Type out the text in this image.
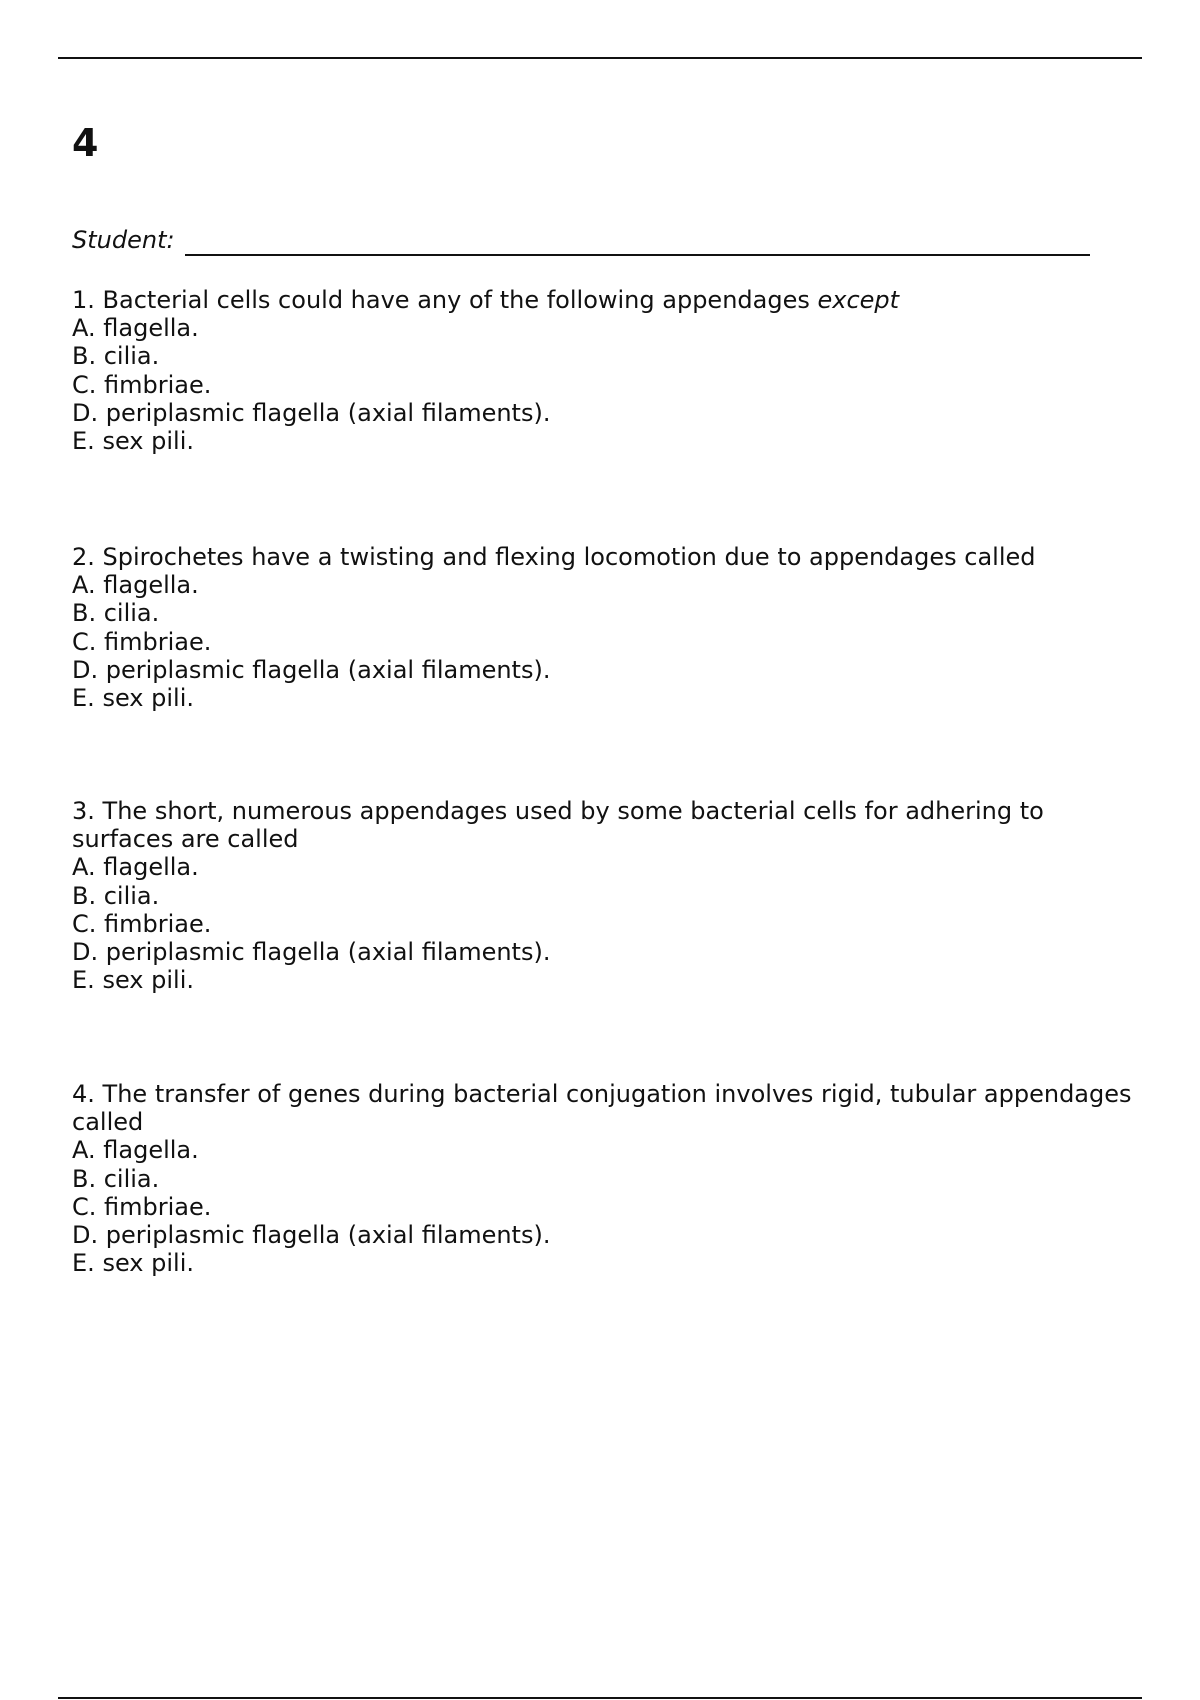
4
Student:

1. Bacterial cells could have any of the following appendages except

A. flagella.
B. cilia.
C. fimbriae.
D. periplasmic flagella (axial filaments).
E. sex pili.

2. Spirochetes have a twisting and flexing locomotion due to appendages called

A. flagella.
B. cilia.
C. fimbriae.
D. periplasmic flagella (axial filaments).
E. sex pili.

3. The short, numerous appendages used by some bacterial cells for adhering to surfaces are called

A. flagella.
B. cilia.
C. fimbriae.
D. periplasmic flagella (axial filaments).
E. sex pili.

4. The transfer of genes during bacterial conjugation involves rigid, tubular appendages called

A. flagella.
B. cilia.
C. fimbriae.
D. periplasmic flagella (axial filaments).
E. sex pili.
